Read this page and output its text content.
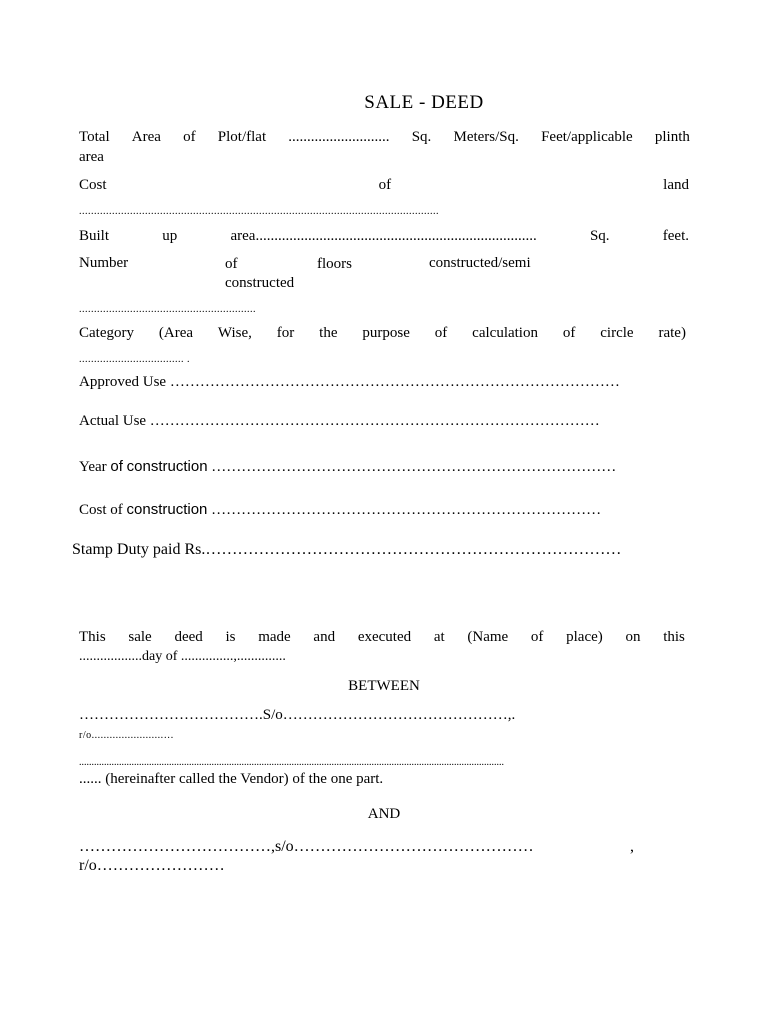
SALE - DEED
Total Area of Plot/flat ........................... Sq. Meters/Sq. Feet/applicable plinth
area
Cost	of	land
........................................................................................................................
Built	up	area...........................................................................	Sq.	feet.
Number	of	floors	constructed/semi
constructed
...........................................................
Category (Area Wise, for the purpose of calculation of circle rate)
................................... .
Approved Use ………………………………………………………………………………
Actual Use ………………………………………………………………………………
Year of construction ………………………………………………………………………
Cost of construction ……………………………………………………………………
Stamp Duty paid Rs.……………………………………………………………………
This sale deed is made and executed at (Name of place) on this
..................day of ...............,..............
BETWEEN
……………………………….S/o………………………………………,.
r/o........................…
..........................................................................................................................................................................
...... (hereinafter called the Vendor) of the one part.
AND
………………………………,s/o………………………………………	,
r/o……………………
